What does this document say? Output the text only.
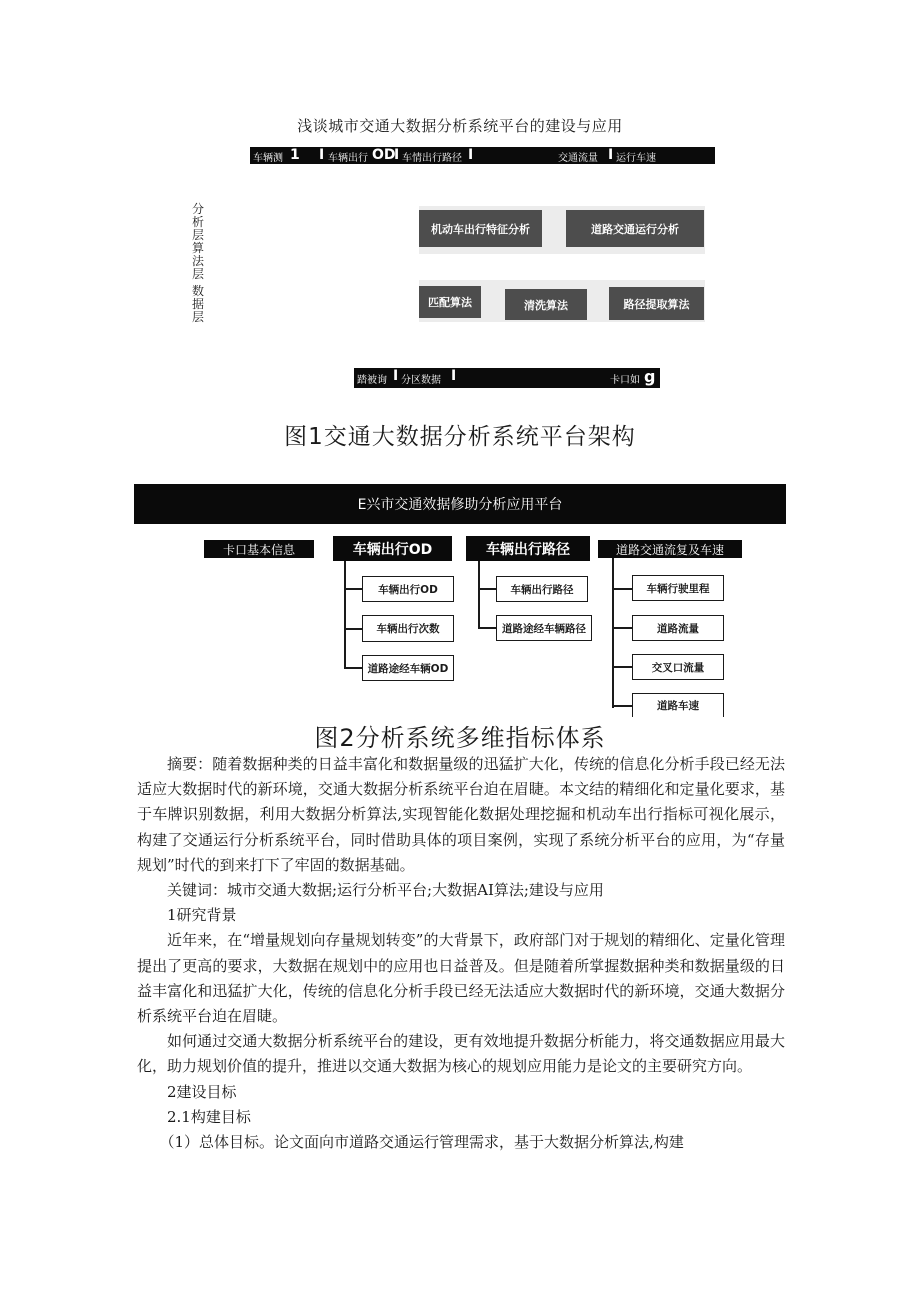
浅谈城市交通大数据分析系统平台的建设与应用
车辆测 1 I 车辆出行 OD
I 车情出行路径 I	交通流量 I 运行车速
分
析
层
算
法
层
数
据
层
机动车出行特征分析	道路交通运行分析
匹配算法	清洗算法	路径提取算法
踏被询 I 分区数据 I	卡口如 g
图1交通大数据分析系统平台架构
E兴市交通效据修助分析应用平台
卡口基本信息	车辆出行OD	车辆出行路径	道路交通流复及车速
车辆出行OD
车辆出行次数
道路途经车辆OD
车辆出行路径
道路途经车辆路径
车辆行驶里程
道路流量
交叉口流量
道路车速
图2分析系统多维指标体系

摘要：随着数据种类的日益丰富化和数据量级的迅猛扩大化，传统的信息化分析手段已经无法适应大数据时代的新环境，交通大数据分析系统平台迫在眉睫。本文结的精细化和定量化要求，基于车牌识别数据，利用大数据分析算法,实现智能化数据处理挖掘和机动车出行指标可视化展示，构建了交通运行分析系统平台，同时借助具体的项目案例，实现了系统分析平台的应用，为“存量规划”时代的到来打下了牢固的数据基础。

关键词：城市交通大数据;运行分析平台;大数据AI算法;建设与应用

1研究背景

近年来，在“增量规划向存量规划转变”的大背景下，政府部门对于规划的精细化、定量化管理提出了更高的要求，大数据在规划中的应用也日益普及。但是随着所掌握数据种类和数据量级的日益丰富化和迅猛扩大化，传统的信息化分析手段已经无法适应大数据时代的新环境，交通大数据分析系统平台迫在眉睫。

如何通过交通大数据分析系统平台的建设，更有效地提升数据分析能力，将交通数据应用最大化，助力规划价值的提升，推进以交通大数据为核心的规划应用能力是论文的主要研究方向。

2建设目标

2.1构建目标

（1）总体目标。论文面向市道路交通运行管理需求，基于大数据分析算法,构建
